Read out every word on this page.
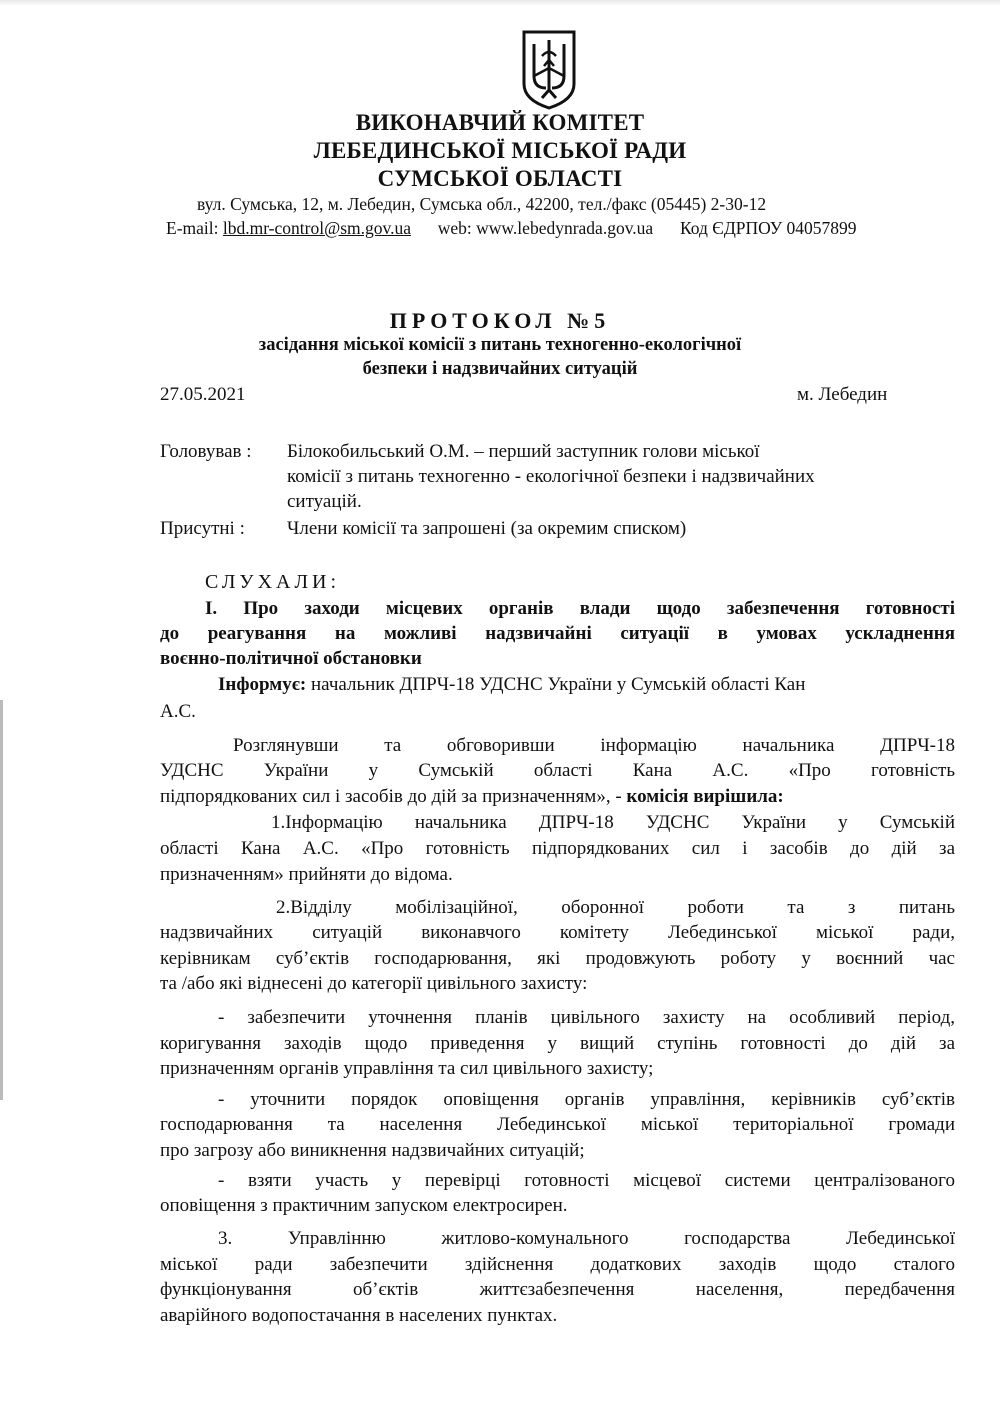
ВИКОНАВЧИЙ КОМІТЕТ
ЛЕБЕДИНСЬКОЇ МІСЬКОЇ РАДИ
СУМСЬКОЇ ОБЛАСТІ
вул. Сумська, 12, м. Лебедин, Сумська обл., 42200, тел./факс (05445) 2-30-12
E-mail: lbd.mr-control@sm.gov.ua web: www.lebedynrada.gov.ua Код ЄДРПОУ 04057899
ПРОТОКОЛ №5
засідання міської комісії з питань техногенно-екологічної
безпеки і надзвичайних ситуацій
27.05.2021	м. Лебедин
Головував : Білокобильський О.М. – перший заступник голови міської
комісії з питань техногенно - екологічної безпеки і надзвичайних
ситуацій.
Присутні : Члени комісії та запрошені (за окремим списком)
СЛУХАЛИ:
І. Про заходи місцевих органів влади щодо забезпечення готовності
до реагування на можливі надзвичайні ситуації в умовах ускладнення
воєнно-політичної обстановки
Інформує: начальник ДПРЧ-18 УДСНС України у Сумській області Кан
А.С.
Розглянувши та обговоривши інформацію начальника ДПРЧ-18
УДСНС України у Сумській області Кана А.С. «Про готовність
підпорядкованих сил і засобів до дій за призначенням», - комісія вирішила:
1.Інформацію начальника ДПРЧ-18 УДСНС України у Сумській
області Кана А.С. «Про готовність підпорядкованих сил і засобів до дій за
призначенням» прийняти до відома.
2.Відділу мобілізаційної, оборонної роботи та з питань
надзвичайних ситуацій виконавчого комітету Лебединської міської ради,
керівникам суб’єктів господарювання, які продовжують роботу у воєнний час
та /або які віднесені до категорії цивільного захисту:
- забезпечити уточнення планів цивільного захисту на особливий період,
коригування заходів щодо приведення у вищий ступінь готовності до дій за
призначенням органів управління та сил цивільного захисту;
- уточнити порядок оповіщення органів управління, керівників суб’єктів
господарювання та населення Лебединської міської територіальної громади
про загрозу або виникнення надзвичайних ситуацій;
- взяти участь у перевірці готовності місцевої системи централізованого
оповіщення з практичним запуском електросирен.
3. Управлінню житлово-комунального господарства Лебединської
міської ради забезпечити здійснення додаткових заходів щодо сталого
функціонування об’єктів життєзабезпечення населення, передбачення
аварійного водопостачання в населених пунктах.
